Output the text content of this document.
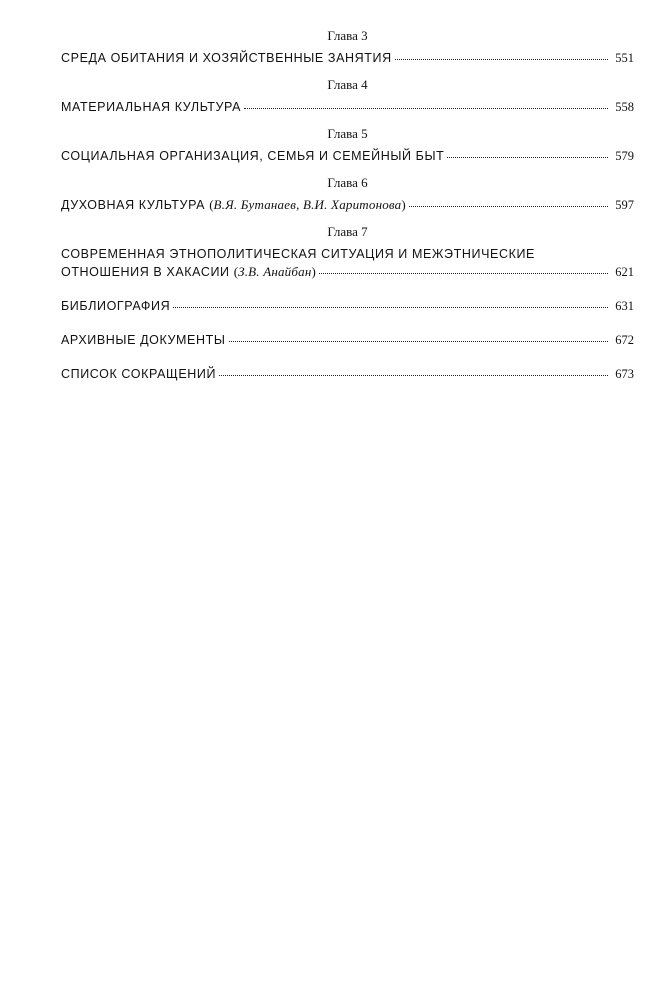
Глава 3
СРЕДА ОБИТАНИЯ И ХОЗЯЙСТВЕННЫЕ ЗАНЯТИЯ	551
Глава 4
МАТЕРИАЛЬНАЯ КУЛЬТУРА	558
Глава 5
СОЦИАЛЬНАЯ ОРГАНИЗАЦИЯ, СЕМЬЯ И СЕМЕЙНЫЙ БЫТ	579
Глава 6
ДУХОВНАЯ КУЛЬТУРА (В.Я. Бутанаев, В.И. Харитонова)	597
Глава 7
СОВРЕМЕННАЯ ЭТНОПОЛИТИЧЕСКАЯ СИТУАЦИЯ И МЕЖЭТНИЧЕСКИЕ
ОТНОШЕНИЯ В ХАКАСИИ (З.В. Анайбан)	621
БИБЛИОГРАФИЯ	631
АРХИВНЫЕ ДОКУМЕНТЫ	672
СПИСОК СОКРАЩЕНИЙ	673
